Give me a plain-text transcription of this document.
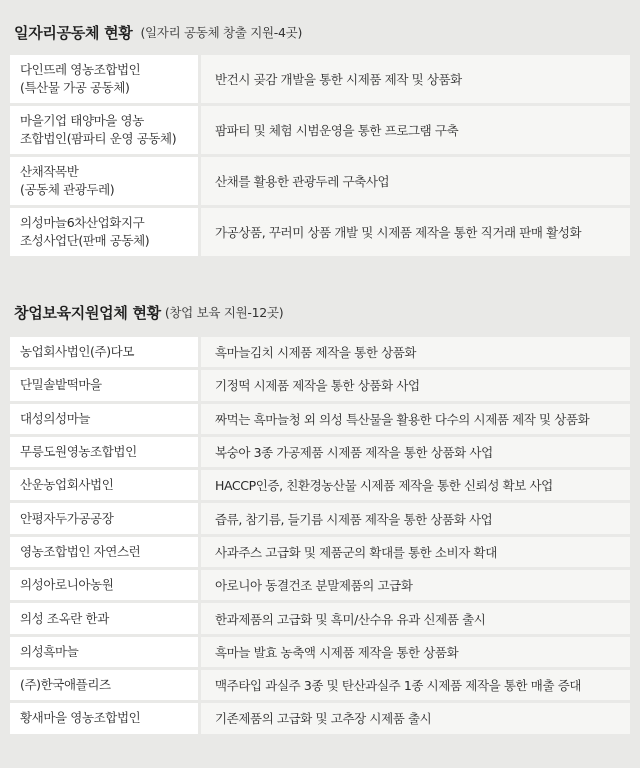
일자리공동체 현황 (일자리 공동체 창출 지원-4곳)
다인뜨레 영농조합법인
(특산물 가공 공동체)	반건시 곶감 개발을 통한 시제품 제작 및 상품화
마을기업 태양마을 영농
조합법인(팜파티 운영 공동체)	팜파티 및 체험 시범운영을 통한 프로그램 구축
산채작목반
(공동체 관광두레)	산채를 활용한 관광두레 구축사업
의성마늘6차산업화지구
조성사업단(판매 공동체)	가공상품, 꾸러미 상품 개발 및 시제품 제작을 통한 직거래 판매 활성화
창업보육지원업체 현황 (창업 보육 지원-12곳)
농업회사법인(주)다모	흑마늘김치 시제품 제작을 통한 상품화
단밀솔밭떡마을	기정떡 시제품 제작을 통한 상품화 사업
대성의성마늘	짜먹는 흑마늘청 외 의성 특산물을 활용한 다수의 시제품 제작 및 상품화
무릉도원영농조합법인	복숭아 3종 가공제품 시제품 제작을 통한 상품화 사업
산운농업회사법인	HACCP인증, 친환경농산물 시제품 제작을 통한 신뢰성 확보 사업
안평자두가공공장	즙류, 참기름, 들기름 시제품 제작을 통한 상품화 사업
영농조합법인 자연스런	사과주스 고급화 및 제품군의 확대를 통한 소비자 확대
의성아로니아농원	아로니아 동결건조 분말제품의 고급화
의성 조옥란 한과	한과제품의 고급화 및 흑미/산수유 유과 신제품 출시
의성흑마늘	흑마늘 발효 농축액 시제품 제작을 통한 상품화
(주)한국애플리즈	맥주타입 과실주 3종 및 탄산과실주 1종 시제품 제작을 통한 매출 증대
황새마을 영농조합법인	기존제품의 고급화 및 고추장 시제품 출시
